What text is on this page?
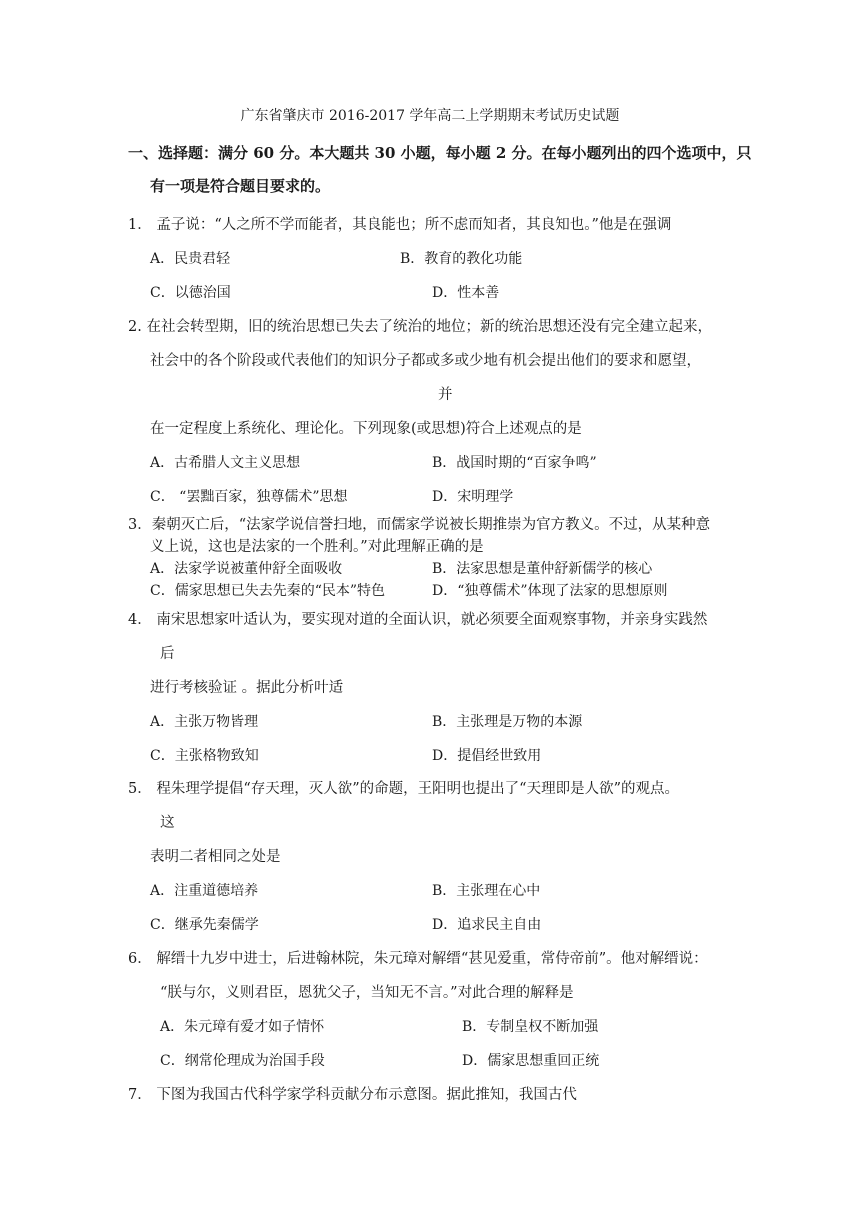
广东省肇庆市 2016-2017 学年高二上学期期末考试历史试题
一、选择题：满分 60 分。本大题共 30 小题，每小题 2 分。在每小题列出的四个选项中，只
有一项是符合题目要求的。
1． 孟子说：“人之所不学而能者，其良能也；所不虑而知者，其良知也。”他是在强调
A．民贵君轻	B．教育的教化功能
C．以德治国	D．性本善
2. 在社会转型期，旧的统治思想已失去了统治的地位；新的统治思想还没有完全建立起来，
社会中的各个阶段或代表他们的知识分子都或多或少地有机会提出他们的要求和愿望，
并
在一定程度上系统化、理论化。下列现象(或思想)符合上述观点的是
A．古希腊人文主义思想	B．战国时期的“百家争鸣”
C． “罢黜百家，独尊儒术”思想	D．宋明理学
3．秦朝灭亡后，“法家学说信誉扫地，而儒家学说被长期推崇为官方教义。不过，从某种意
义上说，这也是法家的一个胜利。”对此理解正确的是
A．法家学说被董仲舒全面吸收	B．法家思想是董仲舒新儒学的核心
C．儒家思想已失去先秦的“民本”特色	D．“独尊儒术”体现了法家的思想原则
4． 南宋思想家叶适认为，要实现对道的全面认识，就必须要全面观察事物，并亲身实践然
后
进行考核验证 。据此分析叶适
A．主张万物皆理	B．主张理是万物的本源
C．主张格物致知	D．提倡经世致用
5． 程朱理学提倡“存天理，灭人欲”的命题，王阳明也提出了“天理即是人欲”的观点。
这
表明二者相同之处是
A．注重道德培养	B．主张理在心中
C．继承先秦儒学	D．追求民主自由
6． 解缙十九岁中进士，后进翰林院，朱元璋对解缙“甚见爱重，常侍帝前”。他对解缙说：
“朕与尔，义则君臣，恩犹父子，当知无不言。”对此合理的解释是
A．朱元璋有爱才如子情怀	B．专制皇权不断加强
C．纲常伦理成为治国手段	D．儒家思想重回正统
7． 下图为我国古代科学家学科贡献分布示意图。据此推知，我国古代
